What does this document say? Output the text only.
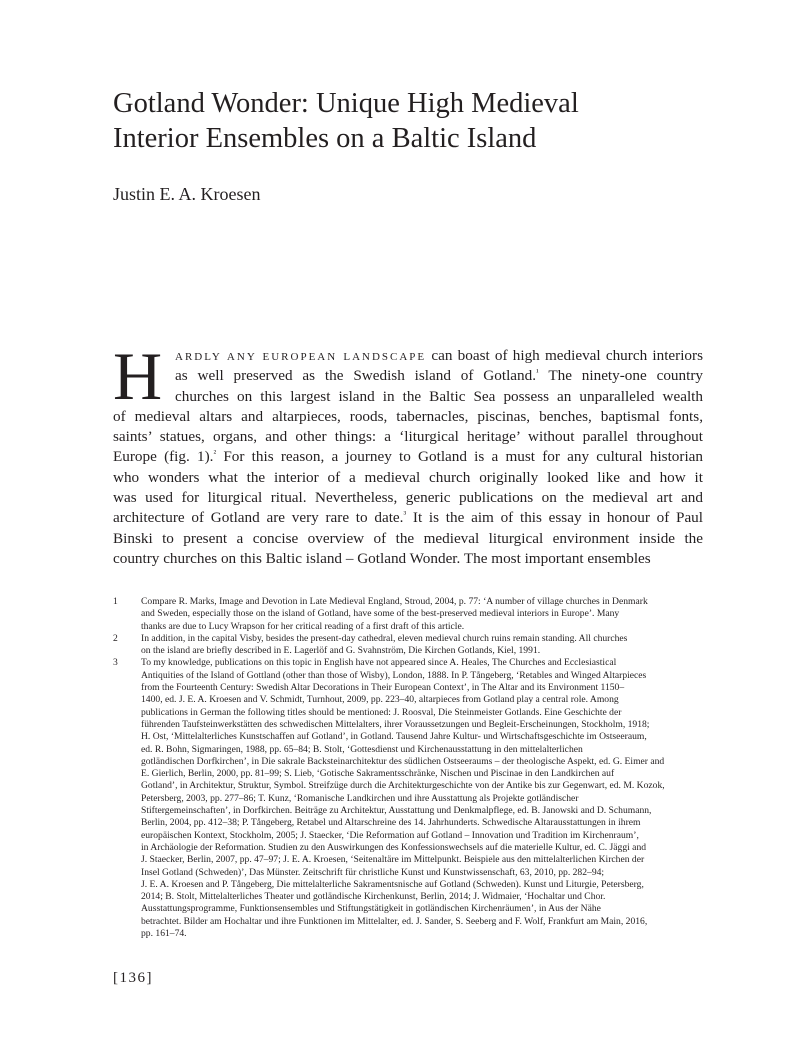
Gotland Wonder: Unique High Medieval
Interior Ensembles on a Baltic Island

Justin E. A. Kroesen

H	ARDLY ANY EUROPEAN LANDSCAPE can boast of high medieval church interiors
as well preserved as the Swedish island of Gotland.$^{^1}$ The ninety-one country
churches on this largest island in the Baltic Sea possess an unparalleled wealth
of medieval altars and altarpieces, roods, tabernacles, piscinas, benches, baptismal fonts,
saints’ statues, organs, and other things: a ‘liturgical heritage’ without parallel throughout
Europe (fig. 1).$^{^2}$ For this reason, a journey to Gotland is a must for any cultural historian
who wonders what the interior of a medieval church originally looked like and how it
was used for liturgical ritual. Nevertheless, generic publications on the medieval art and
architecture of Gotland are very rare to date.$^{^3}$ It is the aim of this essay in honour of Paul
Binski to present a concise overview of the medieval liturgical environment inside the
country churches on this Baltic island – Gotland Wonder. The most important ensembles
1 Compare R. Marks, Image and Devotion in Late Medieval England, Stroud, 2004, p. 77: ‘A number of village churches in Denmark
and Sweden, especially those on the island of Gotland, have some of the best-preserved medieval interiors in Europe’. Many
thanks are due to Lucy Wrapson for her critical reading of a first draft of this article.
2 In addition, in the capital Visby, besides the present-day cathedral, eleven medieval church ruins remain standing. All churches
on the island are briefly described in E. Lagerlöf and G. Svahnström, Die Kirchen Gotlands, Kiel, 1991.
3 To my knowledge, publications on this topic in English have not appeared since A. Heales, The Churches and Ecclesiastical
Antiquities of the Island of Gottland (other than those of Wisby), London, 1888. In P. Tångeberg, ‘Retables and Winged Altarpieces
from the Fourteenth Century: Swedish Altar Decorations in Their European Context’, in The Altar and its Environment 1150–
1400, ed. J. E. A. Kroesen and V. Schmidt, Turnhout, 2009, pp. 223–40, altarpieces from Gotland play a central role. Among
publications in German the following titles should be mentioned: J. Roosval, Die Steinmeister Gotlands. Eine Geschichte der
führenden Taufsteinwerkstätten des schwedischen Mittelalters, ihrer Voraussetzungen und Begleit-Erscheinungen, Stockholm, 1918;
H. Ost, ‘Mittelalterliches Kunstschaffen auf Gotland’, in Gotland. Tausend Jahre Kultur- und Wirtschaftsgeschichte im Ostseeraum,
ed. R. Bohn, Sigmaringen, 1988, pp. 65–84; B. Stolt, ‘Gottesdienst und Kirchenausstattung in den mittelalterlichen
gotländischen Dorfkirchen’, in Die sakrale Backsteinarchitektur des südlichen Ostseeraums – der theologische Aspekt, ed. G. Eimer and
E. Gierlich, Berlin, 2000, pp. 81–99; S. Lieb, ‘Gotische Sakramentsschränke, Nischen und Piscinae in den Landkirchen auf
Gotland’, in Architektur, Struktur, Symbol. Streifzüge durch die Architekturgeschichte von der Antike bis zur Gegenwart, ed. M. Kozok,
Petersberg, 2003, pp. 277–86; T. Kunz, ‘Romanische Landkirchen und ihre Ausstattung als Projekte gotländischer
Stiftergemeinschaften’, in Dorfkirchen. Beiträge zu Architektur, Ausstattung und Denkmalpflege, ed. B. Janowski and D. Schumann,
Berlin, 2004, pp. 412–38; P. Tångeberg, Retabel und Altarschreine des 14. Jahrhunderts. Schwedische Altarausstattungen in ihrem
europäischen Kontext, Stockholm, 2005; J. Staecker, ‘Die Reformation auf Gotland – Innovation und Tradition im Kirchenraum’,
in Archäologie der Reformation. Studien zu den Auswirkungen des Konfessionswechsels auf die materielle Kultur, ed. C. Jäggi and
J. Staecker, Berlin, 2007, pp. 47–97; J. E. A. Kroesen, ‘Seitenaltäre im Mittelpunkt. Beispiele aus den mittelalterlichen Kirchen der
Insel Gotland (Schweden)’, Das Münster. Zeitschrift für christliche Kunst und Kunstwissenschaft, 63, 2010, pp. 282–94;
J. E. A. Kroesen and P. Tångeberg, Die mittelalterliche Sakramentsnische auf Gotland (Schweden). Kunst und Liturgie, Petersberg,
2014; B. Stolt, Mittelalterliches Theater und gotländische Kirchenkunst, Berlin, 2014; J. Widmaier, ‘Hochaltar und Chor.
Ausstattungsprogramme, Funktionsensembles und Stiftungstätigkeit in gotländischen Kirchenräumen’, in Aus der Nähe
betrachtet. Bilder am Hochaltar und ihre Funktionen im Mittelalter, ed. J. Sander, S. Seeberg and F. Wolf, Frankfurt am Main, 2016,
pp. 161–74.
[136]
